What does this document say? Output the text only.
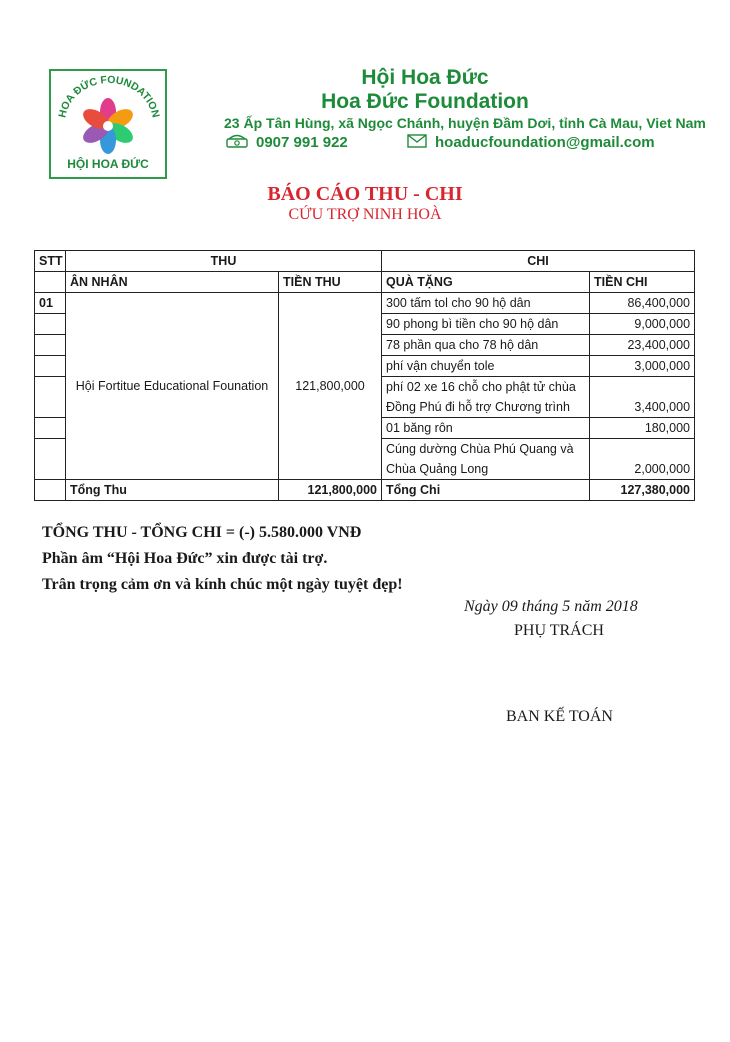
HOA ĐỨC FOUNDATION
HỘI HOA ĐỨC
Hội Hoa Đức
Hoa Đức Foundation
23 Ấp Tân Hùng, xã Ngọc Chánh, huyện Đầm Dơi, tỉnh Cà Mau, Viet Nam
0907 991 922	hoaducfoundation@gmail.com
BÁO CÁO THU - CHI
CỨU TRỢ NINH HOÀ
STT	THU		CHI	
	ÂN NHÂN	TIỀN THU	QUÀ TẶNG	TIỀN CHI
01	Hội Fortitue Educational Founation	121,800,000	300 tấm tol cho 90 hộ dân	86,400,000
			90 phong bì tiền cho 90 hộ dân	9,000,000
			78 phần qua cho 78 hộ dân	23,400,000
			phí vận chuyển tole	3,000,000
			phí 02 xe 16 chỗ cho phật tử chùa	
			Đồng Phú đi hỗ trợ Chương trình	3,400,000
			01 băng rôn	180,000
			Cúng dường Chùa Phú Quang và	
			Chùa Quảng Long	2,000,000
	Tổng Thu	121,800,000	Tổng Chi	127,380,000
TỔNG THU - TỔNG CHI = (-) 5.580.000 VNĐ
Phần âm “Hội Hoa Đức” xin được tài trợ.
Trân trọng cảm ơn và kính chúc một ngày tuyệt đẹp!
Ngày 09 tháng 5 năm 2018
PHỤ TRÁCH
BAN KẾ TOÁN
